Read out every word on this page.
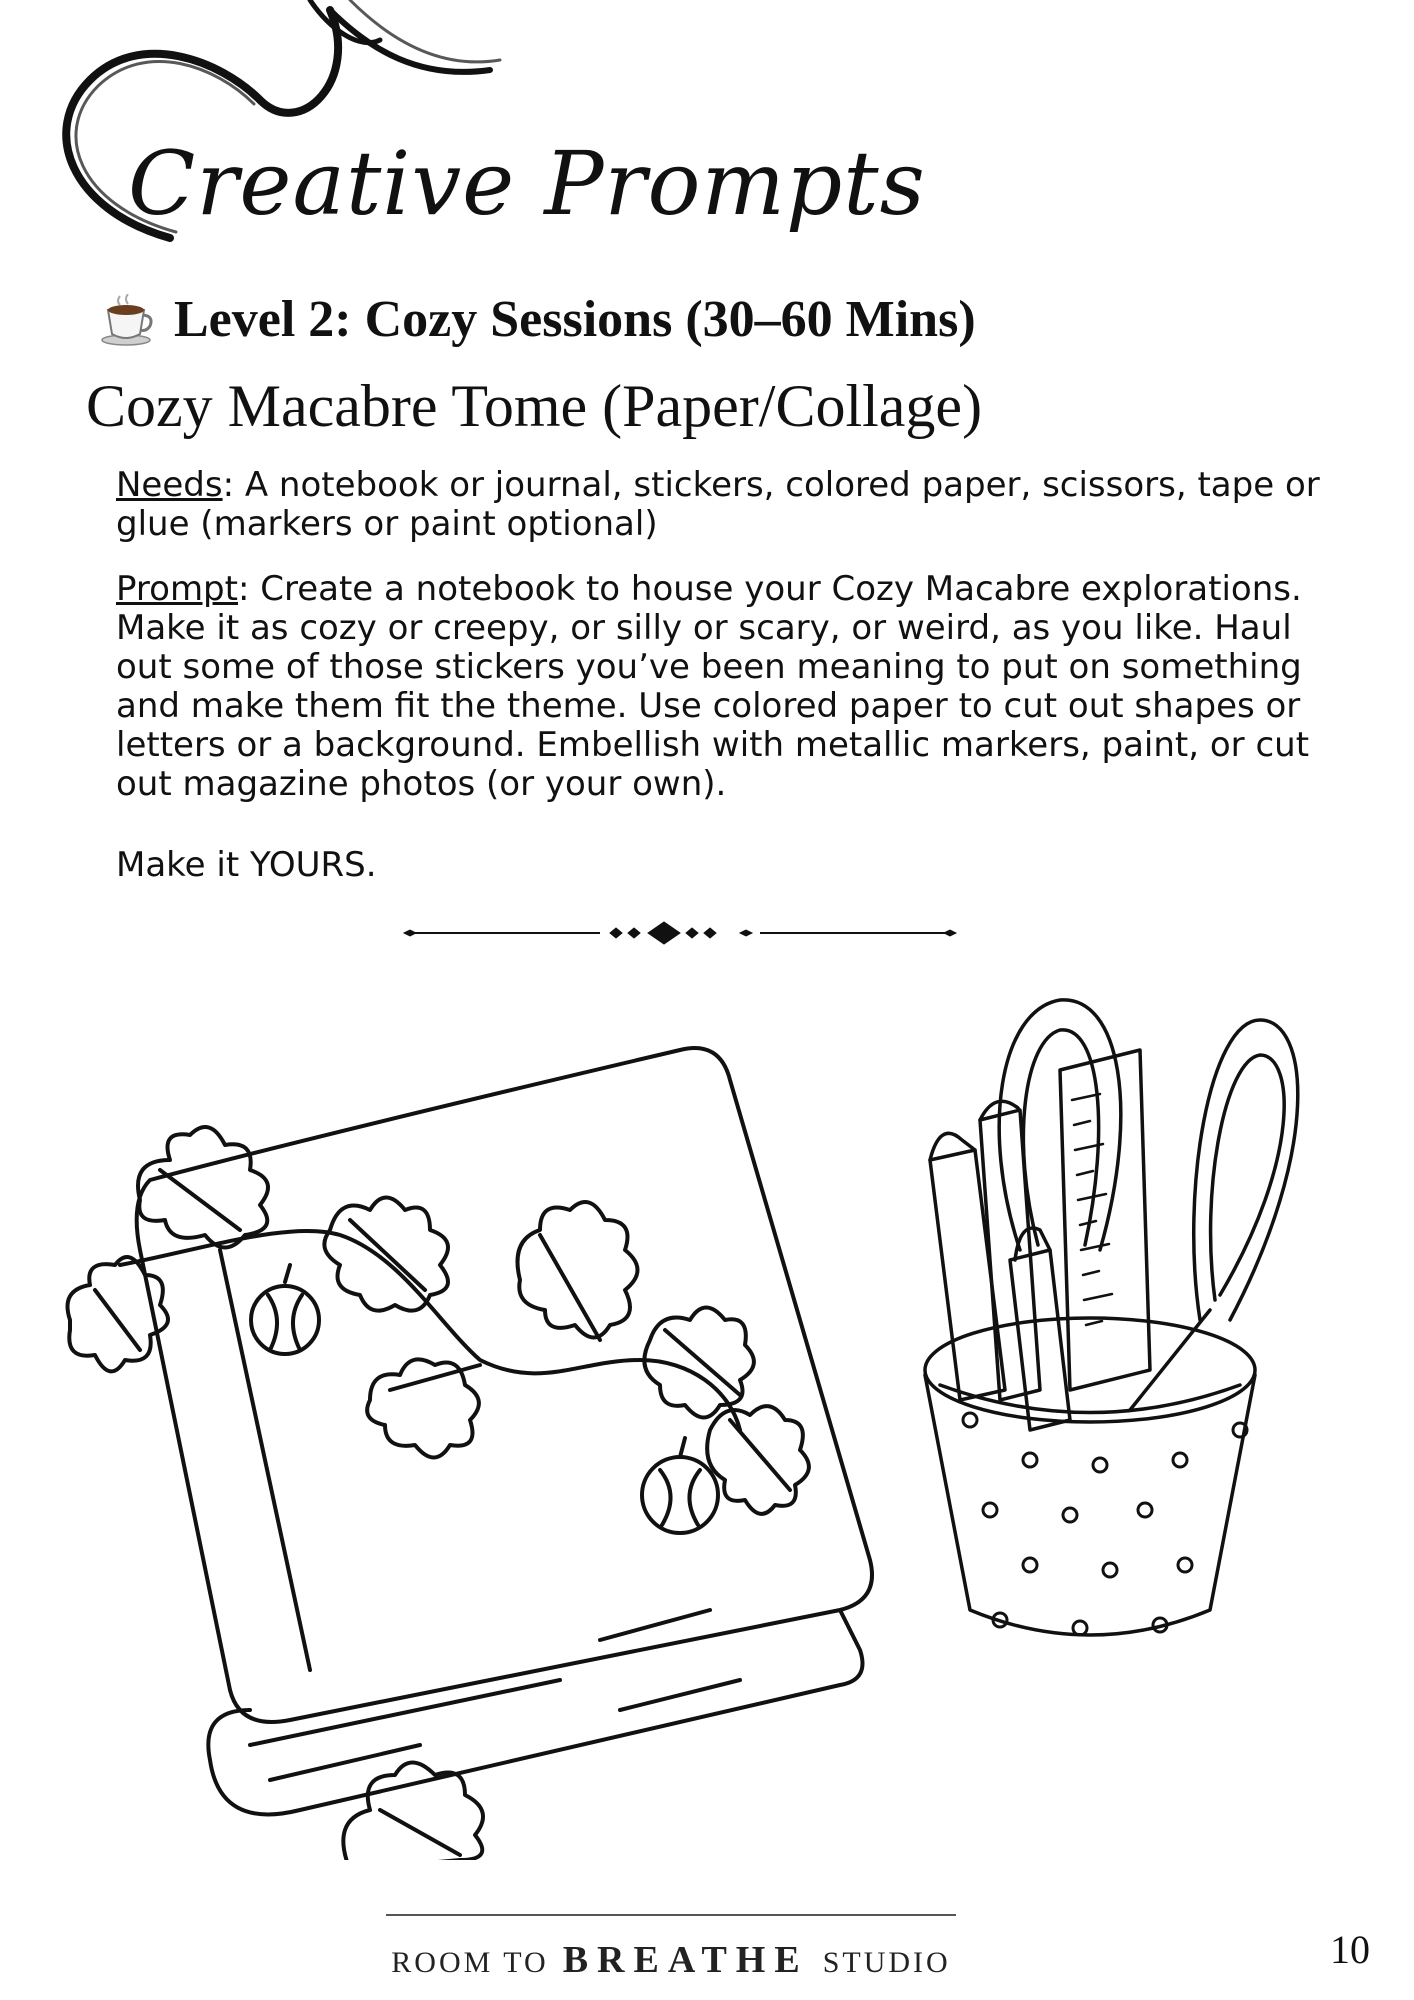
Creative Prompts
Level 2: Cozy Sessions (30–60 Mins)
Cozy Macabre Tome (Paper/Collage)
Needs: A notebook or journal, stickers, colored paper, scissors, tape or glue (markers or paint optional)
Prompt: Create a notebook to house your Cozy Macabre explorations. Make it as cozy or creepy, or silly or scary, or weird, as you like. Haul out some of those stickers you’ve been meaning to put on something and make them fit the theme. Use colored paper to cut out shapes or letters or a background. Embellish with metallic markers, paint, or cut out magazine photos (or your own).
Make it YOURS.
ROOM TO BREATHE STUDIO	10
